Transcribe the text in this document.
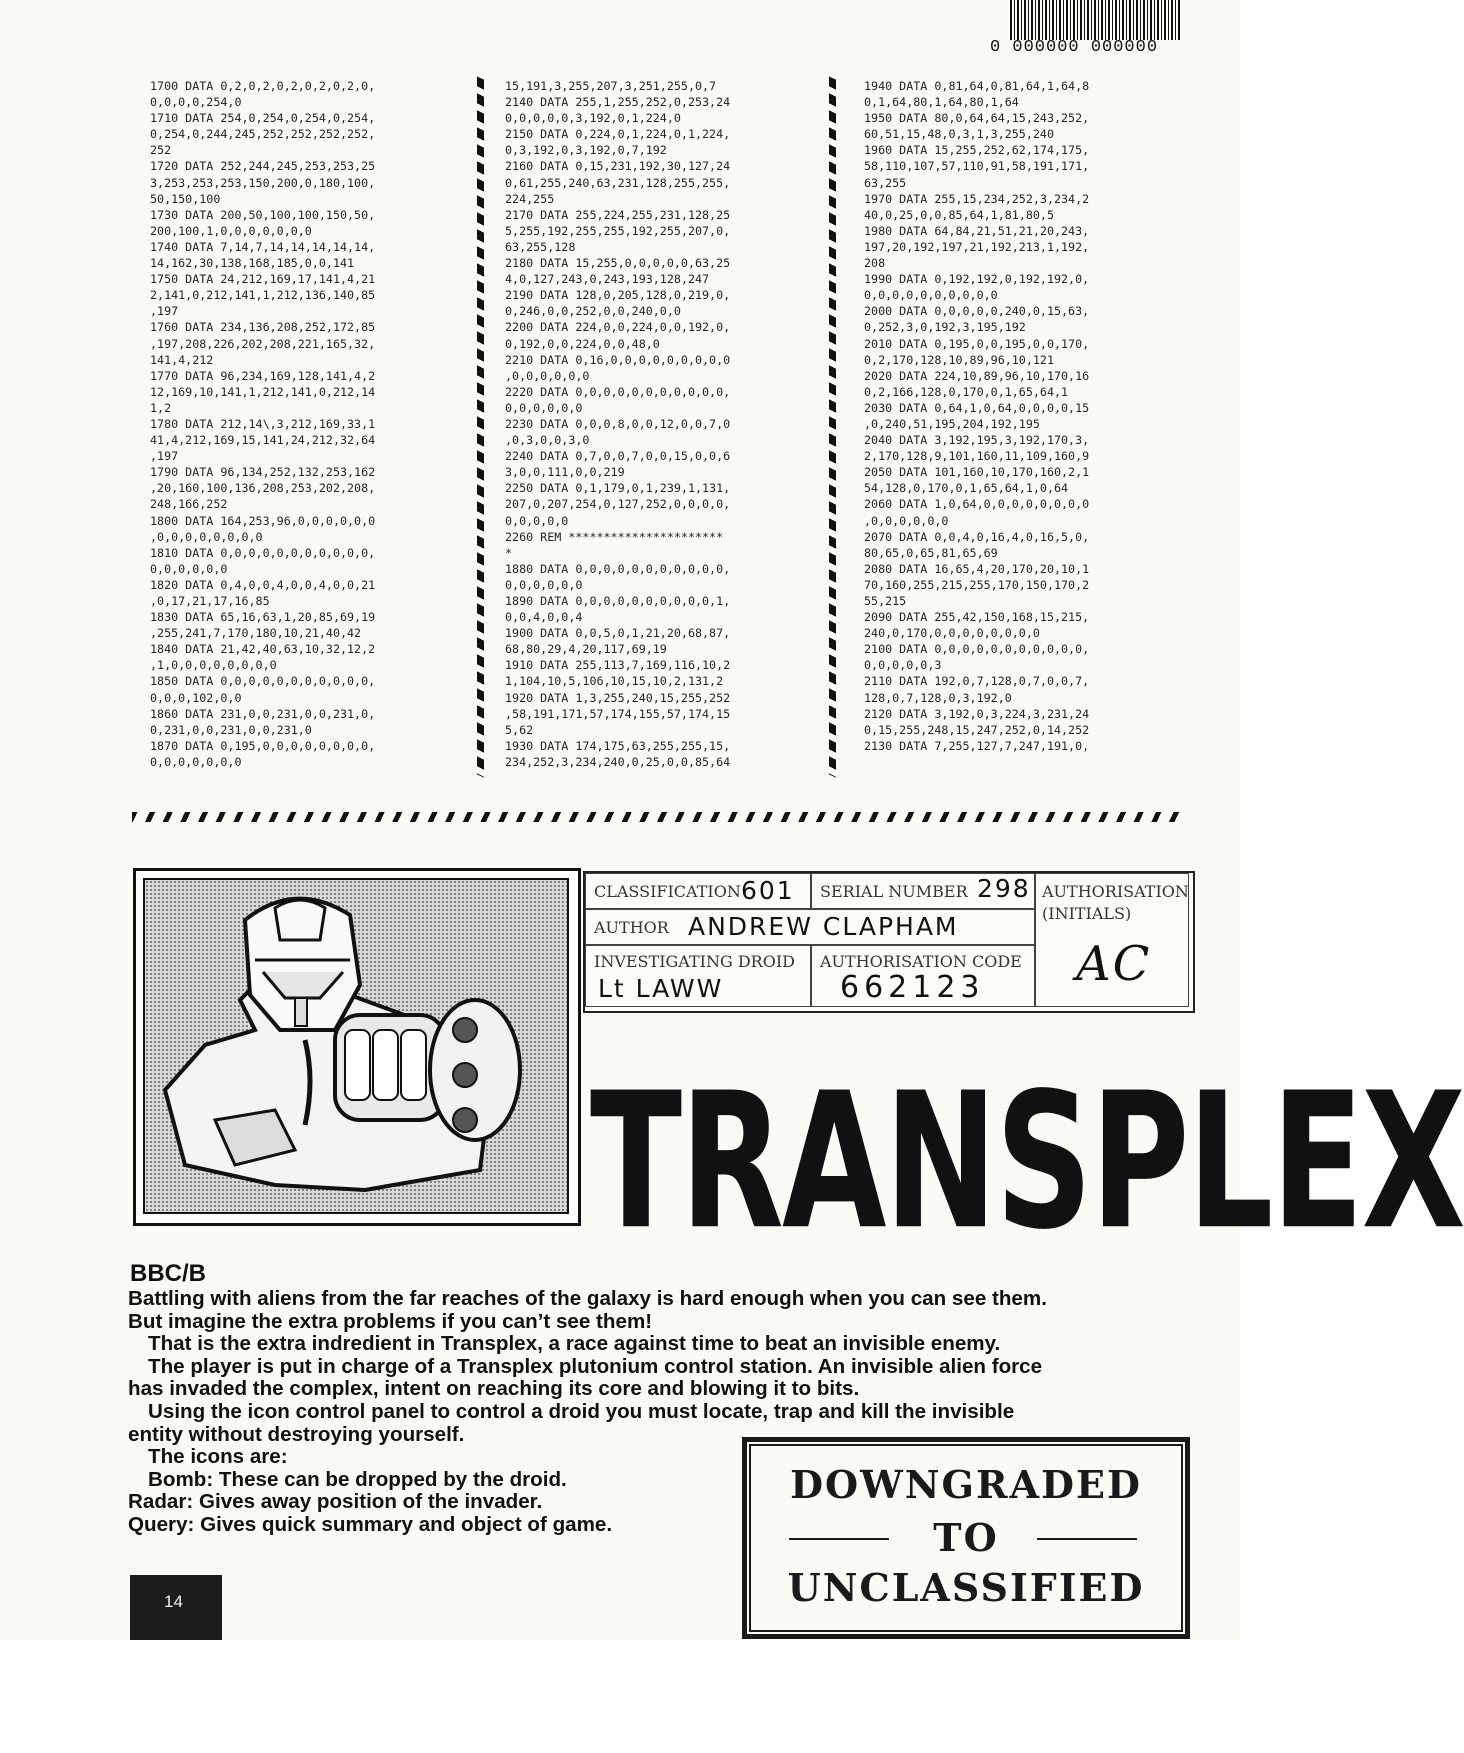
0 000000 000000
1700 DATA 0,2,0,2,0,2,0,2,0,2,0,
0,0,0,0,254,0
1710 DATA 254,0,254,0,254,0,254,
0,254,0,244,245,252,252,252,252,
252
1720 DATA 252,244,245,253,253,25
3,253,253,253,150,200,0,180,100,
50,150,100
1730 DATA 200,50,100,100,150,50,
200,100,1,0,0,0,0,0,0,0
1740 DATA 7,14,7,14,14,14,14,14,
14,162,30,138,168,185,0,0,141
1750 DATA 24,212,169,17,141,4,21
2,141,0,212,141,1,212,136,140,85
,197
1760 DATA 234,136,208,252,172,85
,197,208,226,202,208,221,165,32,
141,4,212
1770 DATA 96,234,169,128,141,4,2
12,169,10,141,1,212,141,0,212,14
1,2
1780 DATA 212,14\,3,212,169,33,1
41,4,212,169,15,141,24,212,32,64
,197
1790 DATA 96,134,252,132,253,162
,20,160,100,136,208,253,202,208,
248,166,252
1800 DATA 164,253,96,0,0,0,0,0,0
,0,0,0,0,0,0,0,0
1810 DATA 0,0,0,0,0,0,0,0,0,0,0,
0,0,0,0,0,0
1820 DATA 0,4,0,0,4,0,0,4,0,0,21
,0,17,21,17,16,85
1830 DATA 65,16,63,1,20,85,69,19
,255,241,7,170,180,10,21,40,42
1840 DATA 21,42,40,63,10,32,12,2
,1,0,0,0,0,0,0,0,0
1850 DATA 0,0,0,0,0,0,0,0,0,0,0,
0,0,0,102,0,0
1860 DATA 231,0,0,231,0,0,231,0,
0,231,0,0,231,0,0,231,0
1870 DATA 0,195,0,0,0,0,0,0,0,0,
0,0,0,0,0,0,0
15,191,3,255,207,3,251,255,0,7
2140 DATA 255,1,255,252,0,253,24
0,0,0,0,0,3,192,0,1,224,0
2150 DATA 0,224,0,1,224,0,1,224,
0,3,192,0,3,192,0,7,192
2160 DATA 0,15,231,192,30,127,24
0,61,255,240,63,231,128,255,255,
224,255
2170 DATA 255,224,255,231,128,25
5,255,192,255,255,192,255,207,0,
63,255,128
2180 DATA 15,255,0,0,0,0,0,63,25
4,0,127,243,0,243,193,128,247
2190 DATA 128,0,205,128,0,219,0,
0,246,0,0,252,0,0,240,0,0
2200 DATA 224,0,0,224,0,0,192,0,
0,192,0,0,224,0,0,48,0
2210 DATA 0,16,0,0,0,0,0,0,0,0,0
,0,0,0,0,0,0
2220 DATA 0,0,0,0,0,0,0,0,0,0,0,
0,0,0,0,0,0
2230 DATA 0,0,0,8,0,0,12,0,0,7,0
,0,3,0,0,3,0
2240 DATA 0,7,0,0,7,0,0,15,0,0,6
3,0,0,111,0,0,219
2250 DATA 0,1,179,0,1,239,1,131,
207,0,207,254,0,127,252,0,0,0,0,
0,0,0,0,0
2260 REM **********************
*
1880 DATA 0,0,0,0,0,0,0,0,0,0,0,
0,0,0,0,0,0
1890 DATA 0,0,0,0,0,0,0,0,0,0,1,
0,0,4,0,0,4
1900 DATA 0,0,5,0,1,21,20,68,87,
68,80,29,4,20,117,69,19
1910 DATA 255,113,7,169,116,10,2
1,104,10,5,106,10,15,10,2,131,2
1920 DATA 1,3,255,240,15,255,252
,58,191,171,57,174,155,57,174,15
5,62
1930 DATA 174,175,63,255,255,15,
234,252,3,234,240,0,25,0,0,85,64
1940 DATA 0,81,64,0,81,64,1,64,8
0,1,64,80,1,64,80,1,64
1950 DATA 80,0,64,64,15,243,252,
60,51,15,48,0,3,1,3,255,240
1960 DATA 15,255,252,62,174,175,
58,110,107,57,110,91,58,191,171,
63,255
1970 DATA 255,15,234,252,3,234,2
40,0,25,0,0,85,64,1,81,80,5
1980 DATA 64,84,21,51,21,20,243,
197,20,192,197,21,192,213,1,192,
208
1990 DATA 0,192,192,0,192,192,0,
0,0,0,0,0,0,0,0,0,0
2000 DATA 0,0,0,0,0,240,0,15,63,
0,252,3,0,192,3,195,192
2010 DATA 0,195,0,0,195,0,0,170,
0,2,170,128,10,89,96,10,121
2020 DATA 224,10,89,96,10,170,16
0,2,166,128,0,170,0,1,65,64,1
2030 DATA 0,64,1,0,64,0,0,0,0,15
,0,240,51,195,204,192,195
2040 DATA 3,192,195,3,192,170,3,
2,170,128,9,101,160,11,109,160,9
2050 DATA 101,160,10,170,160,2,1
54,128,0,170,0,1,65,64,1,0,64
2060 DATA 1,0,64,0,0,0,0,0,0,0,0
,0,0,0,0,0,0
2070 DATA 0,0,4,0,16,4,0,16,5,0,
80,65,0,65,81,65,69
2080 DATA 16,65,4,20,170,20,10,1
70,160,255,215,255,170,150,170,2
55,215
2090 DATA 255,42,150,168,15,215,
240,0,170,0,0,0,0,0,0,0,0
2100 DATA 0,0,0,0,0,0,0,0,0,0,0,
0,0,0,0,0,3
2110 DATA 192,0,7,128,0,7,0,0,7,
128,0,7,128,0,3,192,0
2120 DATA 3,192,0,3,224,3,231,24
0,15,255,248,15,247,252,0,14,252
2130 DATA 7,255,127,7,247,191,0,
CLASSIFICATION 601 SERIAL NUMBER 298 AUTHORISATION
(INITIALS)
AC
AUTHOR ANDREW CLAPHAM
INVESTIGATING DROID
Lt LAWW
AUTHORISATION CODE
662123
TRANSPLEX
BBC/B

Battling with aliens from the far reaches of the galaxy is hard enough when you can see them.

But imagine the extra problems if you can’t see them!

That is the extra indredient in Transplex, a race against time to beat an invisible enemy.

The player is put in charge of a Transplex plutonium control station. An invisible alien force

has invaded the complex, intent on reaching its core and blowing it to bits.

Using the icon control panel to control a droid you must locate, trap and kill the invisible

entity without destroying yourself.

The icons are:

Bomb: These can be dropped by the droid.

Radar: Gives away position of the invader.

Query: Gives quick summary and object of game.

DOWNGRADED
TO
UNCLASSIFIED
14
